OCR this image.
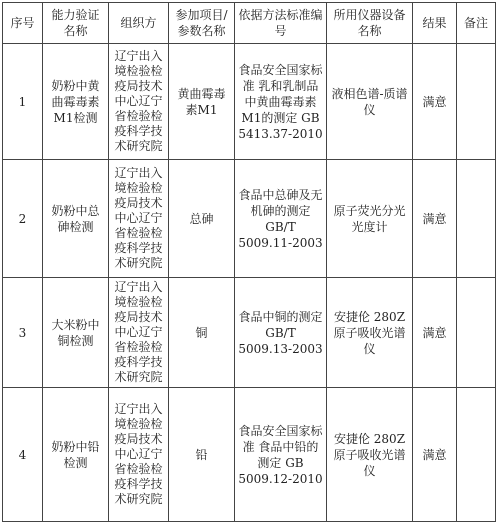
序号	能力验证名称	组织方	参加项目/参数名称	依据方法标准编号	所用仪器设备名称	结果	备注
1	奶粉中黄曲霉毒素M1检测	辽宁出入境检验检疫局技术中心辽宁省检验检疫科学技术研究院	黄曲霉毒素M1	食品安全国家标准 乳和乳制品中黄曲霉毒素M1的测定 GB 5413.37-2010	液相色谱-质谱仪	满意	
2	奶粉中总砷检测	辽宁出入境检验检疫局技术中心辽宁省检验检疫科学技术研究院	总砷	食品中总砷及无机砷的测定 GB/T 5009.11-2003	原子荧光分光光度计	满意	
3	大米粉中铜检测	辽宁出入境检验检疫局技术中心辽宁省检验检疫科学技术研究院	铜	食品中铜的测定 GB/T 5009.13-2003	安捷伦 280Z 原子吸收光谱仪	满意	
4	奶粉中铅检测	辽宁出入境检验检疫局技术中心辽宁省检验检疫科学技术研究院	铅	食品安全国家标准 食品中铅的测定 GB 5009.12-2010	安捷伦 280Z 原子吸收光谱仪	满意	
